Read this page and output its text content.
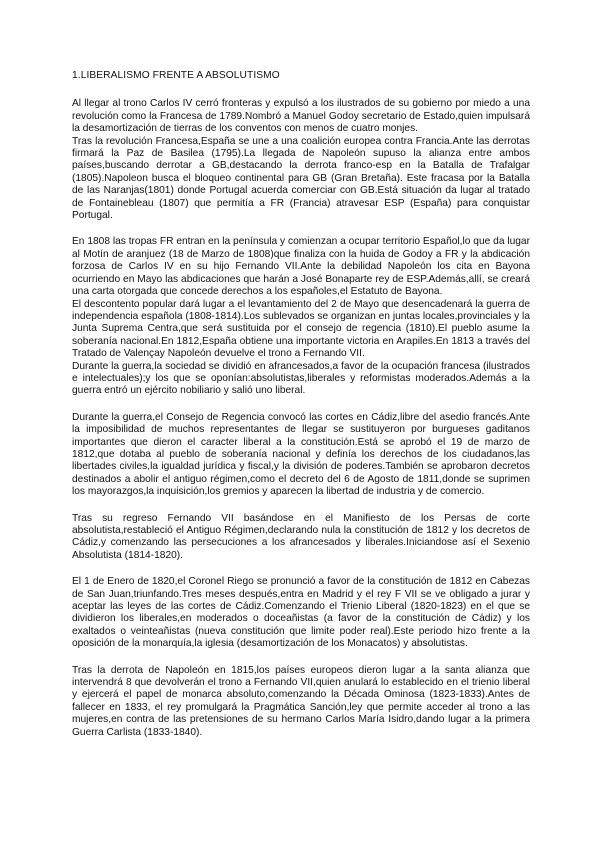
1.LIBERALISMO FRENTE A ABSOLUTISMO
Al llegar al trono Carlos IV cerró fronteras y expulsó a los ilustrados de su gobierno por miedo a una revolución como la Francesa de 1789.Nombró a Manuel Godoy secretario de Estado,quien impulsará la desamortización de tierras de los conventos con menos de cuatro monjes.
Tras la revolución Francesa,España se une a una coalición europea contra Francia.Ante las derrotas firmará la Paz de Basilea (1795).La llegada de Napoleón supuso la alianza entre ambos países,buscando derrotar a GB,destacando la derrota franco-esp en la Batalla de Trafalgar (1805).Napoleon busca el bloqueo continental para GB (Gran Bretaña). Este fracasa por la Batalla de las Naranjas(1801) donde Portugal acuerda comerciar con GB.Está situación da lugar al tratado de Fontainebleau (1807) que permitía a FR (Francia) atravesar ESP (España) para conquistar Portugal.
En 1808 las tropas FR entran en la península y comienzan a ocupar territorio Español,lo que da lugar al Motín de aranjuez (18 de Marzo de 1808)que finaliza con la huida de Godoy a FR y la abdicación forzosa de Carlos IV en su hijo Fernando VII.Ante la debilidad Napoleón los cita en Bayona ocurriendo en Mayo las abdicaciones que harán a José Bonaparte rey de ESP.Además,allí, se creará una carta otorgada que concede derechos a los españoles,el Estatuto de Bayona.
El descontento popular dará lugar a el levantamiento del 2 de Mayo que desencadenará la guerra de independencia española (1808-1814).Los sublevados se organizan en juntas locales,provinciales y la Junta Suprema Centra,que será sustituida por el consejo de regencia (1810).El pueblo asume la soberanía nacional.En 1812,España obtiene una importante victoria en Arapiles.En 1813 a través del Tratado de Valençay Napoleón devuelve el trono a Fernando VII.
Durante la guerra,la sociedad se dividió en afrancesados,a favor de la ocupación francesa (ilustrados e intelectuales);y los que se oponían:absolutistas,liberales y reformistas moderados.Además a la guerra entró un ejército nobiliario y salió uno liberal.
Durante la guerra,el Consejo de Regencia convocó las cortes en Cádiz,libre del asedio francés.Ante la imposibilidad de muchos representantes de llegar se sustituyeron por burgueses gaditanos importantes que dieron el caracter liberal a la constitución.Está se aprobó el 19 de marzo de 1812,que dotaba al pueblo de soberanía nacional y definía los derechos de los ciudadanos,las libertades civiles,la igualdad jurídica y fiscal,y la división de poderes.También se aprobaron decretos destinados a abolir el antiguo régimen,como el decreto del 6 de Agosto de 1811,donde se suprimen los mayorazgos,la inquisición,los gremios y aparecen la libertad de industria y de comercio.
Tras su regreso Fernando VII basándose en el Manifiesto de los Persas de corte absolutista,restableció el Antiguo Régimen,declarando nula la constitución de 1812 y los decretos de Cádiz,y comenzando las persecuciones a los afrancesados y liberales.Iniciandose así el Sexenio Absolutista (1814-1820).
El 1 de Enero de 1820,el Coronel Riego se pronunció a favor de la constitución de 1812 en Cabezas de San Juan,triunfando.Tres meses después,entra en Madrid y el rey F VII se ve obligado a jurar y aceptar las leyes de las cortes de Cádiz.Comenzando el Trienio Liberal (1820-1823) en el que se dividieron los liberales,en moderados o doceañistas (a favor de la constitución de Cádiz) y los exaltados o veinteañistas (nueva constitución que limite poder real).Este periodo hizo frente a la oposición de la monarquía,la iglesia (desamortización de los Monacatos) y absolutistas.
Tras la derrota de Napoleón en 1815,los países europeos dieron lugar a la santa alianza que intervendrá 8 que devolverán el trono a Fernando VII,quien anulará lo establecido en el trienio liberal y ejercerá el papel de monarca absoluto,comenzando la Década Ominosa (1823-1833).Antes de fallecer en 1833, el rey promulgará la Pragmática Sanción,ley que permite acceder al trono a las mujeres,en contra de las pretensiones de su hermano Carlos María Isidro,dando lugar a la primera Guerra Carlista (1833-1840).
